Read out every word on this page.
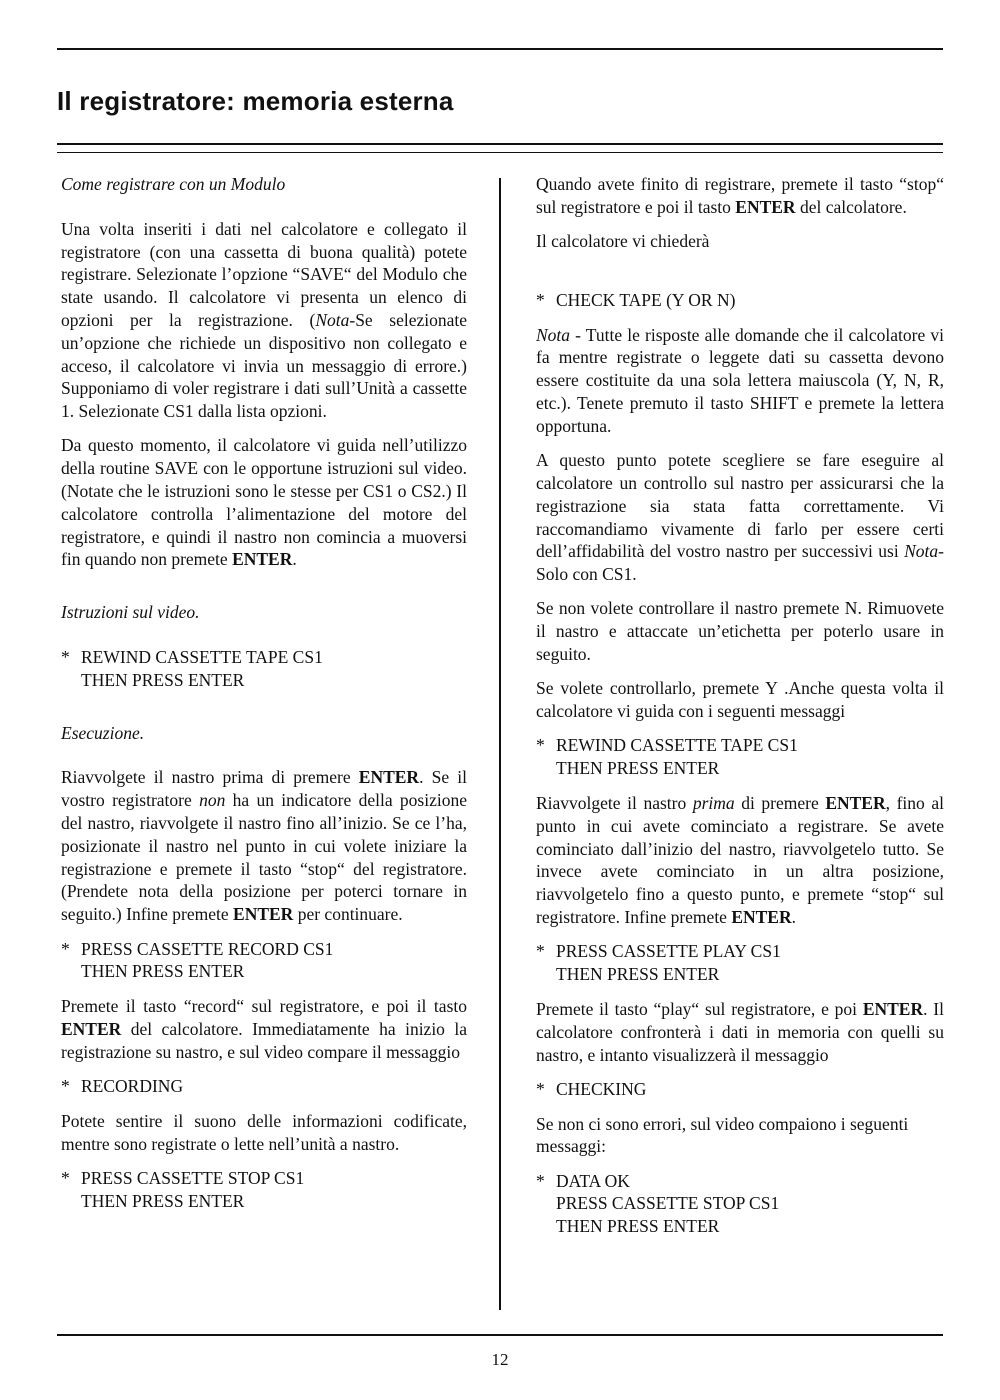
Il registratore: memoria esterna

Come registrare con un Modulo

Una volta inseriti i dati nel calcolatore e collegato il registratore (con una cassetta di buona qualità) potete registrare. Selezionate l’opzione “SAVE“ del Modulo che state usando. Il calcolatore vi presenta un elenco di opzioni per la registrazione. (Nota-Se selezionate un’opzione che richiede un dispositivo non collegato e acceso, il calcolatore vi invia un messaggio di errore.) Supponiamo di voler registrare i dati sull’Unità a cassette 1. Selezionate CS1 dalla lista opzioni.

Da questo momento, il calcolatore vi guida nell’utilizzo della routine SAVE con le opportune istruzioni sul video. (Notate che le istruzioni sono le stesse per CS1 o CS2.) Il calcolatore controlla l’alimentazione del motore del registratore, e quindi il nastro non comincia a muoversi fin quando non premete ENTER.

Istruzioni sul video.

* REWIND CASSETTE TAPE CS1
THEN PRESS ENTER

Esecuzione.

Riavvolgete il nastro prima di premere ENTER. Se il vostro registratore non ha un indicatore della posizione del nastro, riavvolgete il nastro fino all’inizio. Se ce l’ha, posizionate il nastro nel punto in cui volete iniziare la registrazione e premete il tasto “stop“ del registratore. (Prendete nota della posizione per poterci tornare in seguito.) Infine premete ENTER per continuare.

* PRESS CASSETTE RECORD CS1
THEN PRESS ENTER

Premete il tasto “record“ sul registratore, e poi il tasto ENTER del calcolatore. Immediatamente ha inizio la registrazione su nastro, e sul video compare il messaggio

* RECORDING

Potete sentire il suono delle informazioni codificate, mentre sono registrate o lette nell’unità a nastro.

* PRESS CASSETTE STOP CS1
THEN PRESS ENTER

Quando avete finito di registrare, premete il tasto “stop“ sul registratore e poi il tasto ENTER del calcolatore.

Il calcolatore vi chiederà

* CHECK TAPE (Y OR N)

Nota - Tutte le risposte alle domande che il calcolatore vi fa mentre registrate o leggete dati su cassetta devono essere costituite da una sola lettera maiuscola (Y, N, R, etc.). Tenete premuto il tasto SHIFT e premete la lettera opportuna.

A questo punto potete scegliere se fare eseguire al calcolatore un controllo sul nastro per assicurarsi che la registrazione sia stata fatta correttamente. Vi raccomandiamo vivamente di farlo per essere certi dell’affidabilità del vostro nastro per successivi usi Nota- Solo con CS1.

Se non volete controllare il nastro premete N. Rimuovete il nastro e attaccate un’etichetta per poterlo usare in seguito.

Se volete controllarlo, premete Y .Anche questa volta il calcolatore vi guida con i seguenti messaggi

* REWIND CASSETTE TAPE CS1
THEN PRESS ENTER

Riavvolgete il nastro prima di premere ENTER, fino al punto in cui avete cominciato a registrare. Se avete cominciato dall’inizio del nastro, riavvolgetelo tutto. Se invece avete cominciato in un altra posizione, riavvolgetelo fino a questo punto, e premete “stop“ sul registratore. Infine premete ENTER.

* PRESS CASSETTE PLAY CS1
THEN PRESS ENTER

Premete il tasto “play“ sul registratore, e poi ENTER. Il calcolatore confronterà i dati in memoria con quelli su nastro, e intanto visualizzerà il messaggio

* CHECKING

Se non ci sono errori, sul video compaiono i seguenti messaggi:

* DATA OK
PRESS CASSETTE STOP CS1
THEN PRESS ENTER
12
